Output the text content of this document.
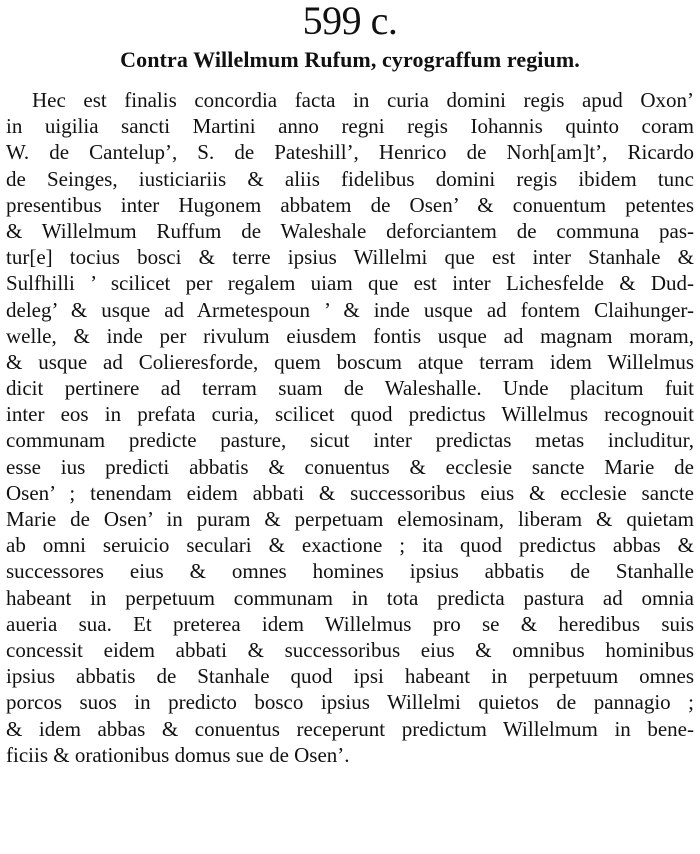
599 c.
Contra Willelmum Rufum, cyrograffum regium.
Hec est finalis concordia facta in curia domini regis apud Oxon’
in uigilia sancti Martini anno regni regis Iohannis quinto coram
W. de Cantelup’, S. de Pateshill’, Henrico de Norh[am]t’, Ricardo
de Seinges, iusticiariis & aliis fidelibus domini regis ibidem tunc
presentibus inter Hugonem abbatem de Osen’ & conuentum petentes
& Willelmum Ruffum de Waleshale deforciantem de communa pas-
tur[e] tocius bosci & terre ipsius Willelmi que est inter Stanhale &
Sulfhilli ’ scilicet per regalem uiam que est inter Lichesfelde & Dud-
deleg’ & usque ad Armetespoun ’ & inde usque ad fontem Claihunger-
welle, & inde per rivulum eiusdem fontis usque ad magnam moram,
& usque ad Colieresforde, quem boscum atque terram idem Willelmus
dicit pertinere ad terram suam de Waleshalle. Unde placitum fuit
inter eos in prefata curia, scilicet quod predictus Willelmus recognouit
communam predicte pasture, sicut inter predictas metas includitur,
esse ius predicti abbatis & conuentus & ecclesie sancte Marie de
Osen’ ; tenendam eidem abbati & successoribus eius & ecclesie sancte
Marie de Osen’ in puram & perpetuam elemosinam, liberam & quietam
ab omni seruicio seculari & exactione ; ita quod predictus abbas &
successores eius & omnes homines ipsius abbatis de Stanhalle
habeant in perpetuum communam in tota predicta pastura ad omnia
aueria sua. Et preterea idem Willelmus pro se & heredibus suis
concessit eidem abbati & successoribus eius & omnibus hominibus
ipsius abbatis de Stanhale quod ipsi habeant in perpetuum omnes
porcos suos in predicto bosco ipsius Willelmi quietos de pannagio ;
& idem abbas & conuentus receperunt predictum Willelmum in bene-
ficiis & orationibus domus sue de Osen’.
